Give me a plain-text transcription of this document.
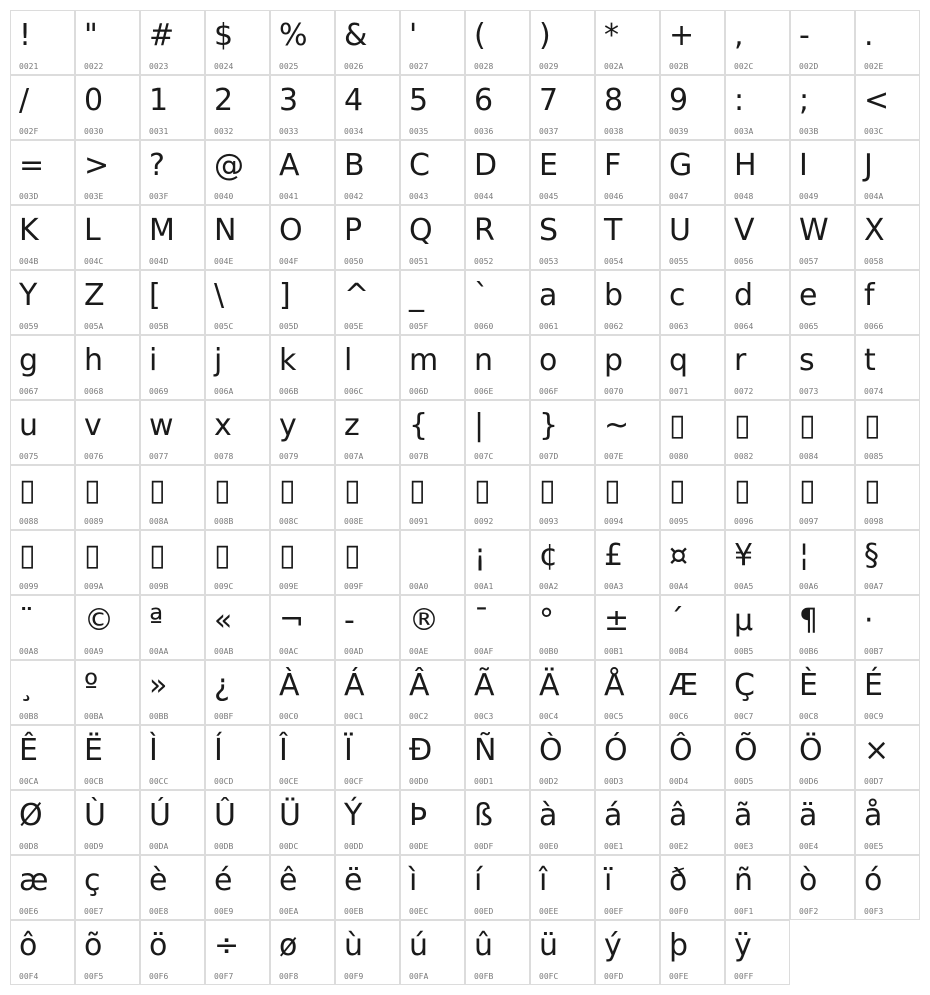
!
0021
"
0022
#
0023
$
0024
%
0025
&
0026
'
0027
(
0028
)
0029
*
002A
+
002B
,
002C
-
002D
.
002E
/
002F
0
0030
1
0031
2
0032
3
0033
4
0034
5
0035
6
0036
7
0037
8
0038
9
0039
:
003A
;
003B
<
003C
=
003D
>
003E
?
003F
@
0040
A
0041
B
0042
C
0043
D
0044
E
0045
F
0046
G
0047
H
0048
I
0049
J
004A
K
004B
L
004C
M
004D
N
004E
O
004F
P
0050
Q
0051
R
0052
S
0053
T
0054
U
0055
V
0056
W
0057
X
0058
Y
0059
Z
005A
[
005B
\
005C
]
005D
^
005E
_
005F
`
0060
a
0061
b
0062
c
0063
d
0064
e
0065
f
0066
g
0067
h
0068
i
0069
j
006A
k
006B
l
006C
m
006D
n
006E
o
006F
p
0070
q
0071
r
0072
s
0073
t
0074
u
0075
v
0076
w
0077
x
0078
y
0079
z
007A
{
007B
|
007C
}
007D
~
007E
▯
0080
▯
0082
▯
0084
▯
0085
▯
0088
▯
0089
▯
008A
▯
008B
▯
008C
▯
008E
▯
0091
▯
0092
▯
0093
▯
0094
▯
0095
▯
0096
▯
0097
▯
0098
▯
0099
▯
009A
▯
009B
▯
009C
▯
009E
▯
009F	00A0
¡
00A1
¢
00A2
£
00A3
¤
00A4
¥
00A5
¦
00A6
§
00A7
¨
00A8
©
00A9
ª
00AA
«
00AB
¬
00AC
-
00AD
®
00AE
¯
00AF
°
00B0
±
00B1
´
00B4
µ
00B5
¶
00B6
·
00B7
¸
00B8
º
00BA
»
00BB
¿
00BF
À
00C0
Á
00C1
Â
00C2
Ã
00C3
Ä
00C4
Å
00C5
Æ
00C6
Ç
00C7
È
00C8
É
00C9
Ê
00CA
Ë
00CB
Ì
00CC
Í
00CD
Î
00CE
Ï
00CF
Ð
00D0
Ñ
00D1
Ò
00D2
Ó
00D3
Ô
00D4
Õ
00D5
Ö
00D6
×
00D7
Ø
00D8
Ù
00D9
Ú
00DA
Û
00DB
Ü
00DC
Ý
00DD
Þ
00DE
ß
00DF
à
00E0
á
00E1
â
00E2
ã
00E3
ä
00E4
å
00E5
æ
00E6
ç
00E7
è
00E8
é
00E9
ê
00EA
ë
00EB
ì
00EC
í
00ED
î
00EE
ï
00EF
ð
00F0
ñ
00F1
ò
00F2
ó
00F3
ô
00F4
õ
00F5
ö
00F6
÷
00F7
ø
00F8
ù
00F9
ú
00FA
û
00FB
ü
00FC
ý
00FD
þ
00FE
ÿ
00FF
